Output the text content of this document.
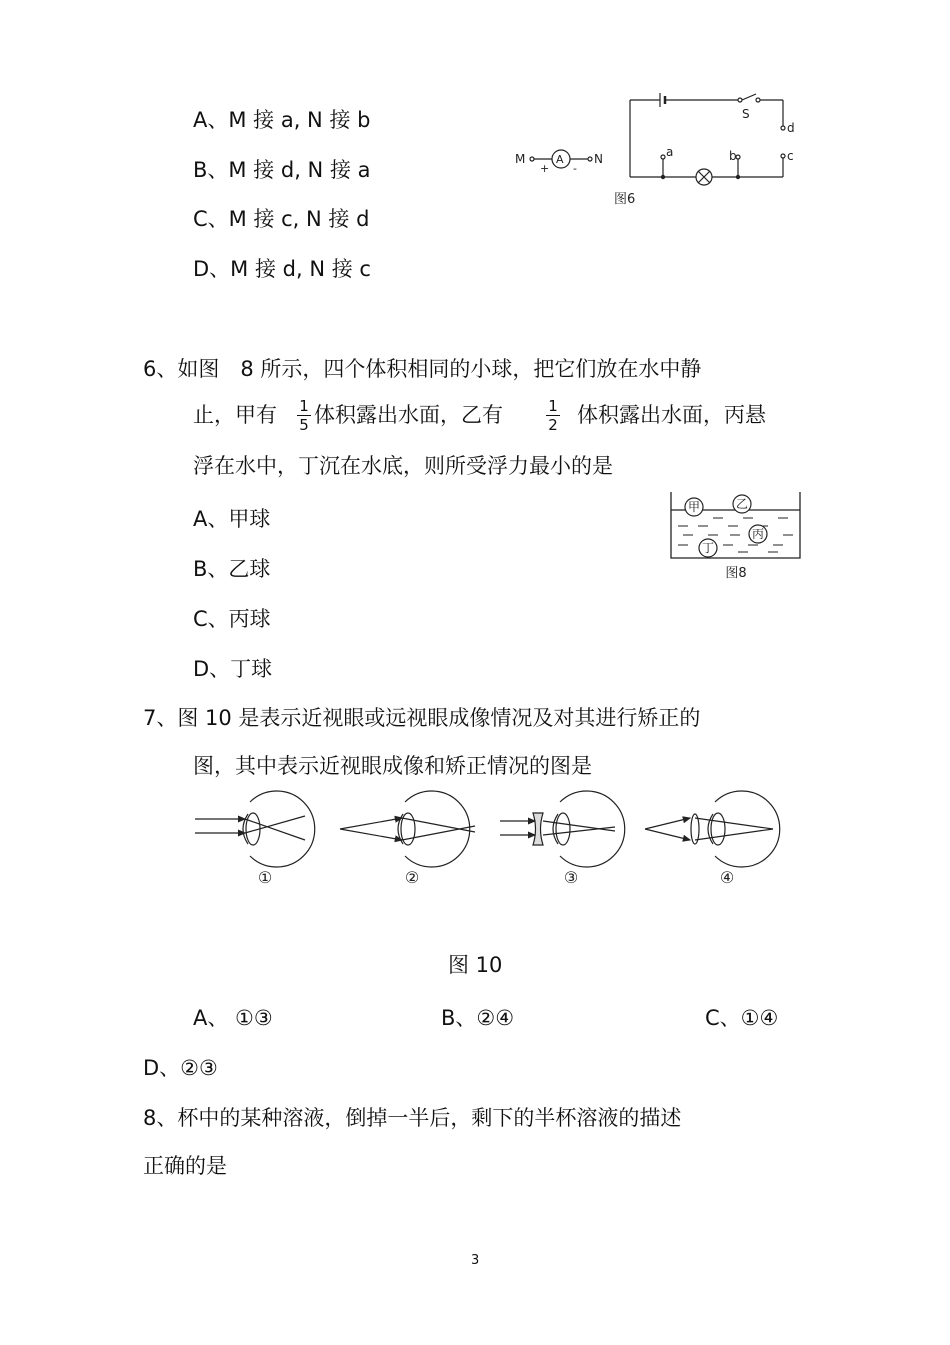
A、M 接 a, N 接 b
B、M 接 d, N 接 a
C、M 接 c, N 接 d
D、M 接 d, N 接 c
S
d
a	b	c
M	A	N
+ -
图6
6、如图　8 所示，四个体积相同的小球，把它们放在水中静
止，甲有 1
5 体积露出水面，乙有	1
2 体积露出水面，丙悬
浮在水中，丁沉在水底，则所受浮力最小的是
A、甲球
B、乙球
C、丙球
D、丁球
甲	乙
丙
丁
图8
7、图 10 是表示近视眼或远视眼成像情况及对其进行矫正的
图，其中表示近视眼成像和矫正情况的图是
①	②	③	④
图 10
A、 ①③	B、②④	C、①④
D、②③
8、杯中的某种溶液，倒掉一半后，剩下的半杯溶液的描述
正确的是
3
